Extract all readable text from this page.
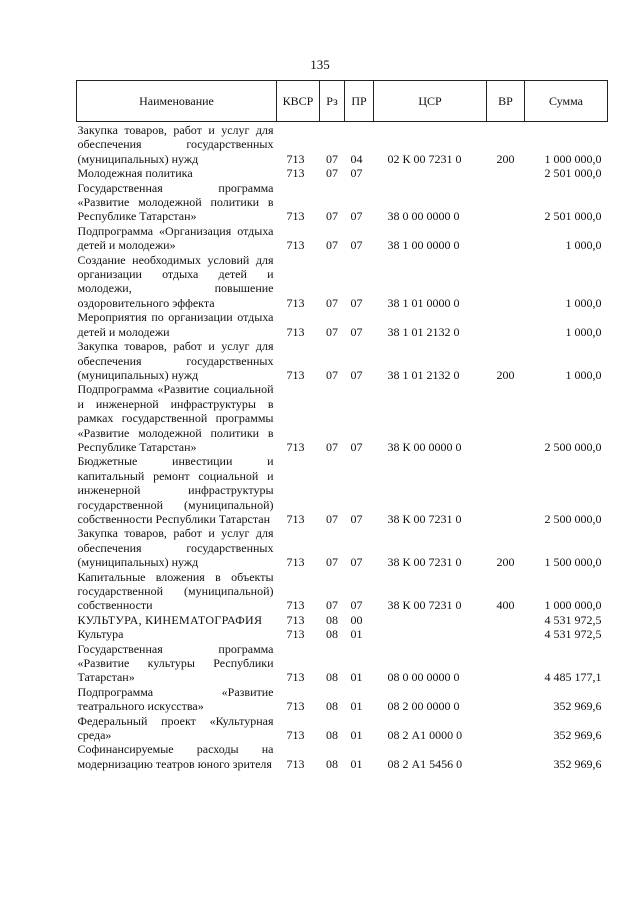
135
Наименование	КВСР	Рз	ПР	ЦСР	ВР	Сумма
Закупка товаров, работ и услуг для обеспечения государственных (муниципальных) нужд	713	07	04	02 К 00 7231 0	200	1 000 000,0
Молодежная политика	713	07	07			2 501 000,0
Государственная программа «Развитие молодежной политики в Республике Татарстан»	713	07	07	38 0 00 0000 0		2 501 000,0
Подпрограмма «Организация отдыха детей и молодежи»	713	07	07	38 1 00 0000 0		1 000,0
Создание необходимых условий для организации отдыха детей и молодежи, повышение оздоровительного эффекта	713	07	07	38 1 01 0000 0		1 000,0
Мероприятия по организации отдыха детей и молодежи	713	07	07	38 1 01 2132 0		1 000,0
Закупка товаров, работ и услуг для обеспечения государственных (муниципальных) нужд	713	07	07	38 1 01 2132 0	200	1 000,0
Подпрограмма «Развитие социальной и инженерной инфраструктуры в рамках государственной программы «Развитие молодежной политики в Республике Татарстан»	713	07	07	38 К 00 0000 0		2 500 000,0
Бюджетные инвестиции и капитальный ремонт социальной и инженерной инфраструктуры государственной (муниципальной) собственности Республики Татарстан	713	07	07	38 К 00 7231 0		2 500 000,0
Закупка товаров, работ и услуг для обеспечения государственных (муниципальных) нужд	713	07	07	38 К 00 7231 0	200	1 500 000,0
Капитальные вложения в объекты государственной (муниципальной) собственности	713	07	07	38 К 00 7231 0	400	1 000 000,0
КУЛЬТУРА, КИНЕМАТОГРАФИЯ	713	08	00			4 531 972,5
Культура	713	08	01			4 531 972,5
Государственная программа «Развитие культуры Республики Татарстан»	713	08	01	08 0 00 0000 0		4 485 177,1
Подпрограмма «Развитие театрального искусства»	713	08	01	08 2 00 0000 0		352 969,6
Федеральный проект «Культурная среда»	713	08	01	08 2 А1 0000 0		352 969,6
Софинансируемые расходы на модернизацию театров юного зрителя	713	08	01	08 2 А1 5456 0		352 969,6
